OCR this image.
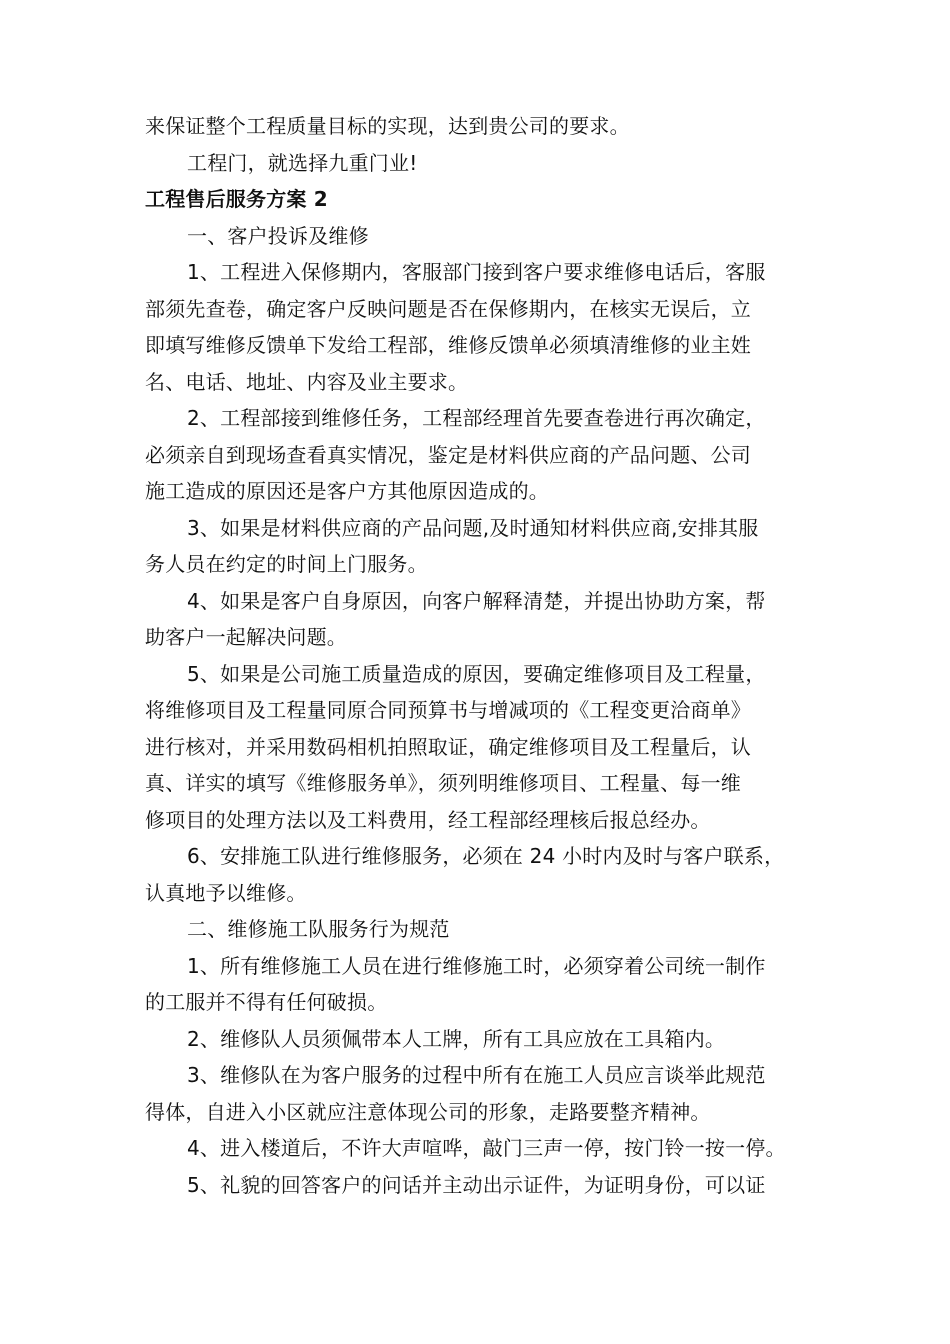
来保证整个工程质量目标的实现，达到贵公司的要求。
工程门，就选择九重门业!
工程售后服务方案 2
一、客户投诉及维修
1、工程进入保修期内，客服部门接到客户要求维修电话后，客服
部须先查卷，确定客户反映问题是否在保修期内，在核实无误后，立
即填写维修反馈单下发给工程部，维修反馈单必须填清维修的业主姓
名、电话、地址、内容及业主要求。
2、工程部接到维修任务，工程部经理首先要查卷进行再次确定，
必须亲自到现场查看真实情况，鉴定是材料供应商的产品问题、公司
施工造成的原因还是客户方其他原因造成的。
3、如果是材料供应商的产品问题,及时通知材料供应商,安排其服
务人员在约定的时间上门服务。
4、如果是客户自身原因，向客户解释清楚，并提出协助方案，帮
助客户一起解决问题。
5、如果是公司施工质量造成的原因，要确定维修项目及工程量，
将维修项目及工程量同原合同预算书与增减项的《工程变更洽商单》
进行核对，并采用数码相机拍照取证，确定维修项目及工程量后，认
真、详实的填写《维修服务单》，须列明维修项目、工程量、每一维
修项目的处理方法以及工料费用，经工程部经理核后报总经办。
6、安排施工队进行维修服务，必须在 24 小时内及时与客户联系，
认真地予以维修。
二、维修施工队服务行为规范
1、所有维修施工人员在进行维修施工时，必须穿着公司统一制作
的工服并不得有任何破损。
2、维修队人员须佩带本人工牌，所有工具应放在工具箱内。
3、维修队在为客户服务的过程中所有在施工人员应言谈举此规范
得体，自进入小区就应注意体现公司的形象，走路要整齐精神。
4、进入楼道后，不许大声喧哗，敲门三声一停，按门铃一按一停。
5、礼貌的回答客户的问话并主动出示证件，为证明身份，可以证
